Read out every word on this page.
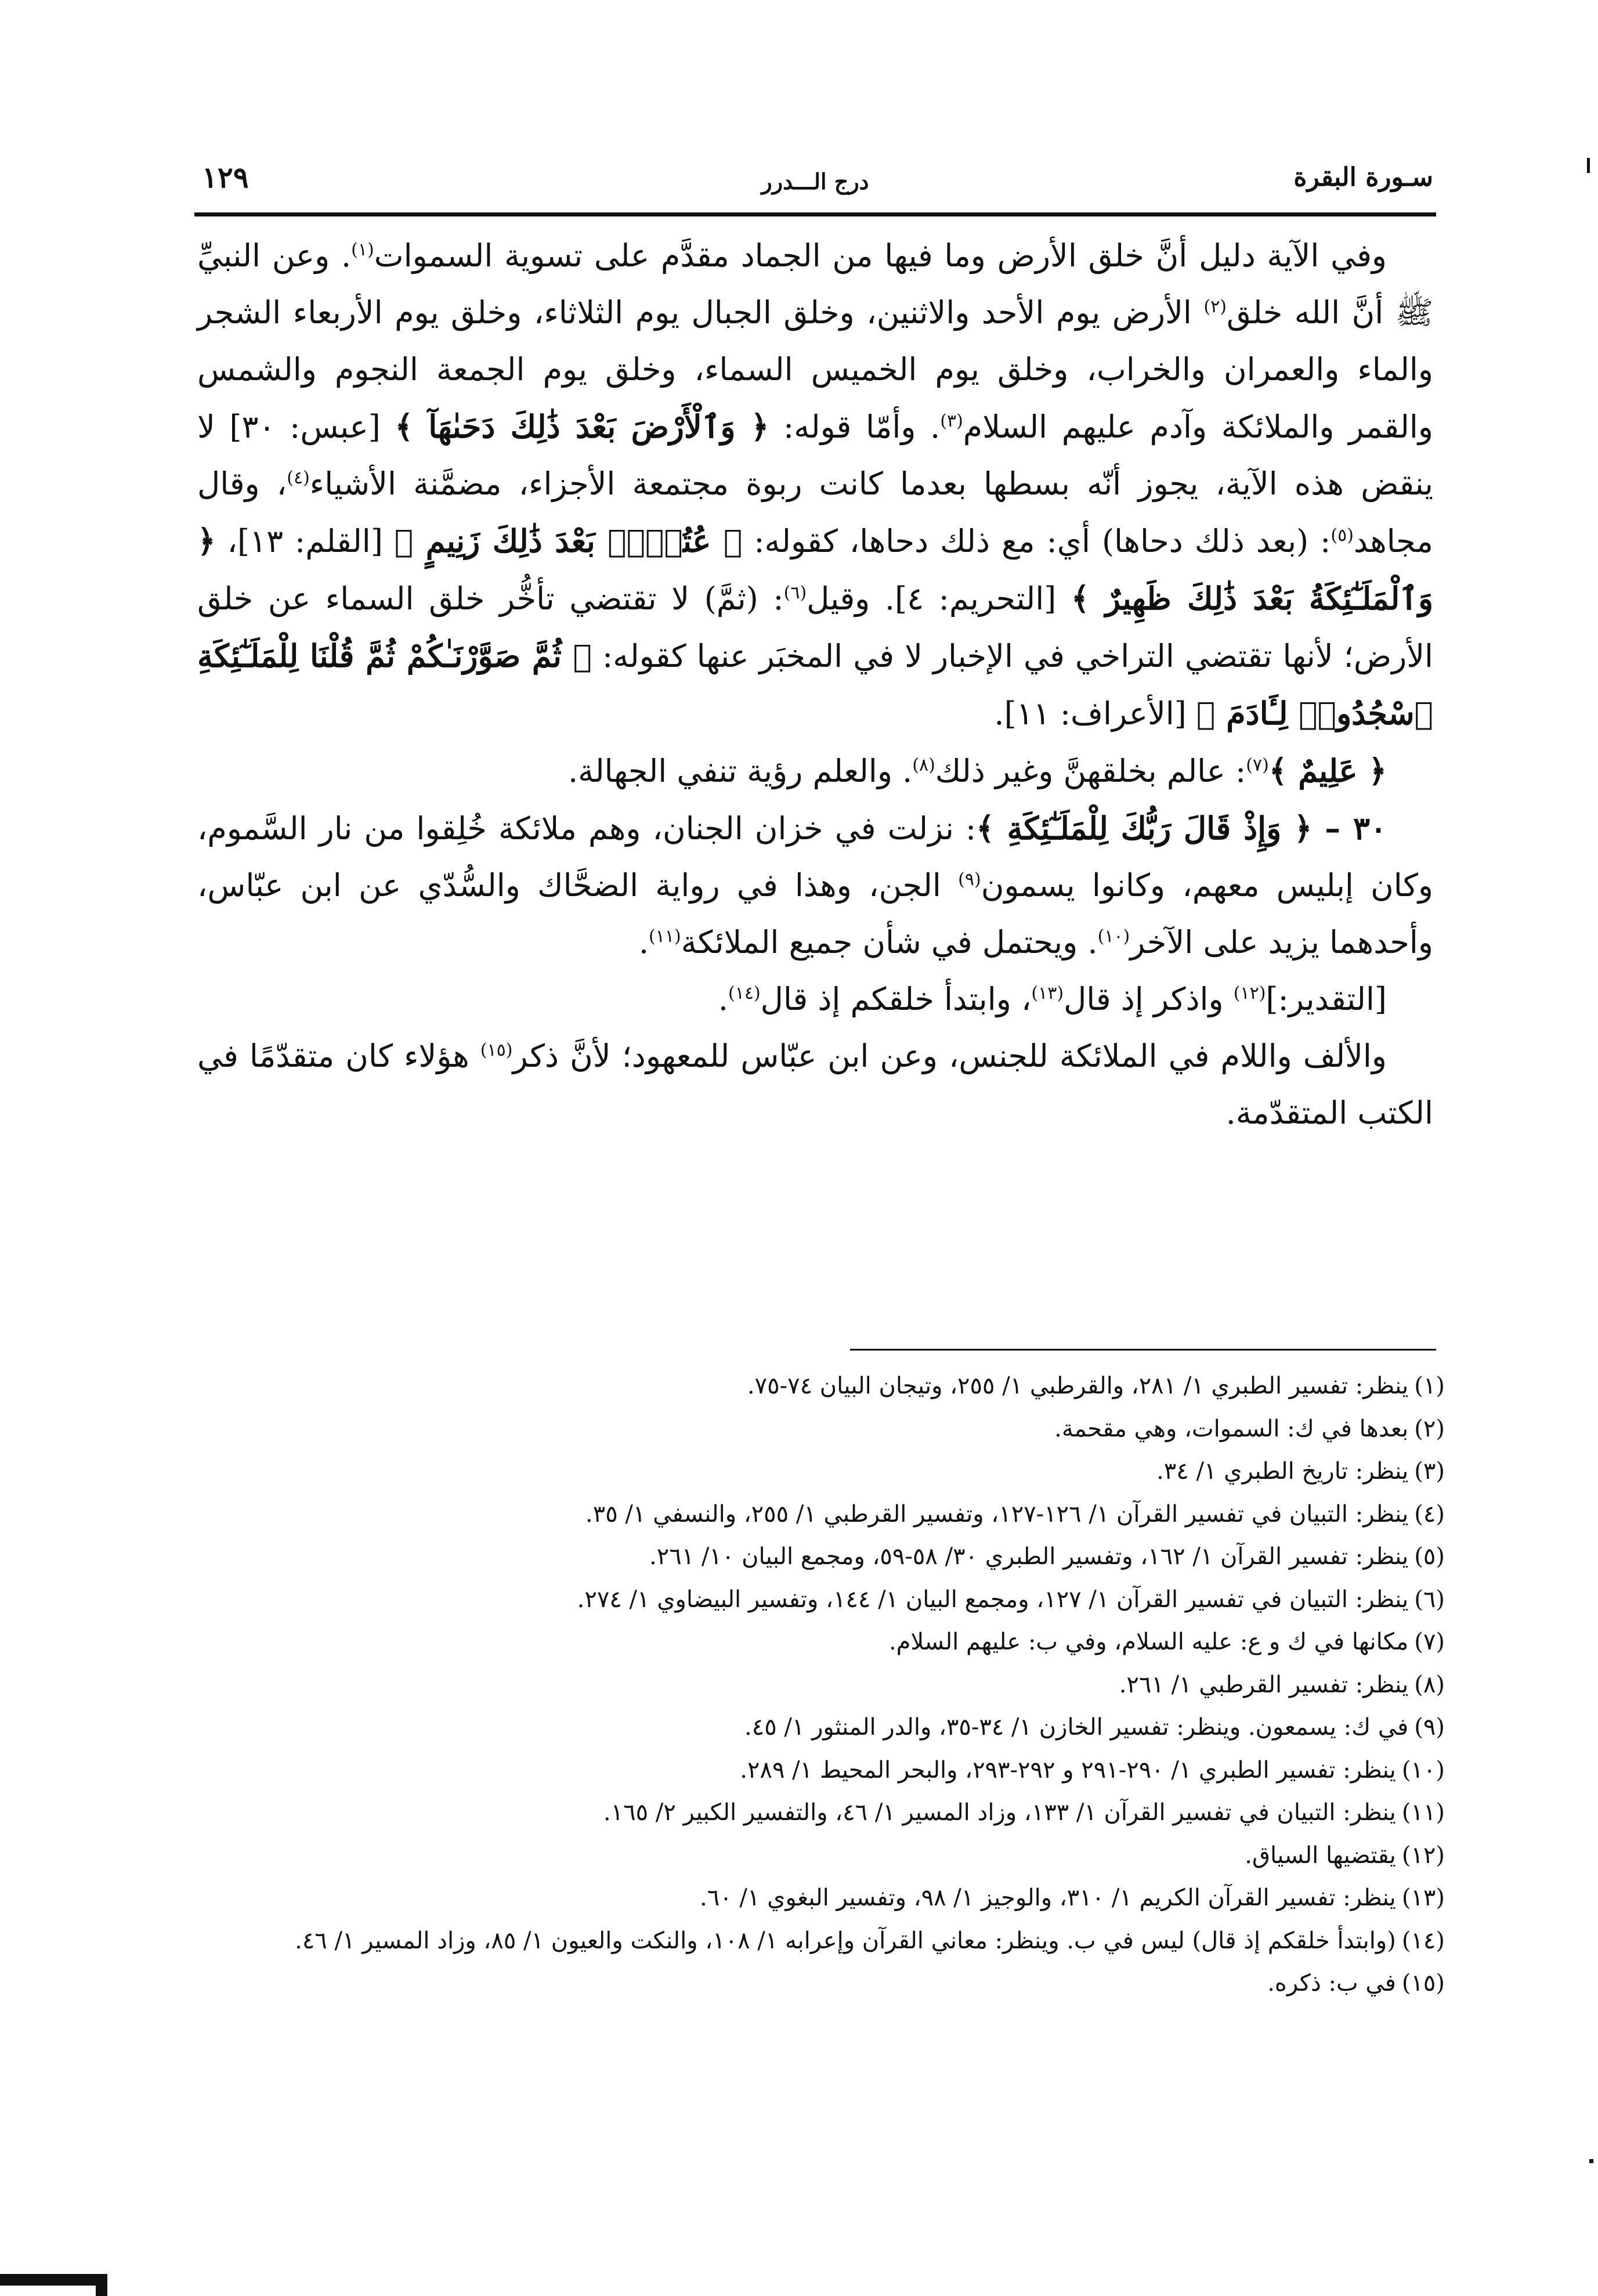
سـورة البقرة
درج الـــدرر
١٢٩

وفي الآية دليل أنَّ خلق الأرض وما فيها من الجماد مقدَّم على تسوية السموات$^{(١)}$. وعن النبيِّ ﷺ أنَّ الله خلق$^{(٢)}$ الأرض يوم الأحد والاثنين، وخلق الجبال يوم الثلاثاء، وخلق يوم الأربعاء الشجر والماء والعمران والخراب، وخلق يوم الخميس السماء، وخلق يوم الجمعة النجوم والشمس والقمر والملائكة وآدم عليهم السلام$^{(٣)}$. وأمّا قوله: ﴿ وَٱلْأَرْضَ بَعْدَ ذَٰلِكَ دَحَىٰهَآ ﴾ [عبس: ٣٠] لا ينقض هذه الآية، يجوز أنّه بسطها بعدما كانت ربوة مجتمعة الأجزاء، مضمَّنة الأشياء$^{(٤)}$، وقال مجاهد$^{(٥)}$: (بعد ذلك دحاها) أي: مع ذلك دحاها، كقوله: ﴿ عُتُلٍّۭ بَعْدَ ذَٰلِكَ زَنِيمٍ ﴾ [القلم: ١٣]، ﴿ وَٱلْمَلَـٰٓئِكَةُ بَعْدَ ذَٰلِكَ ظَهِيرٌ ﴾ [التحريم: ٤]. وقيل$^{(٦)}$: (ثمَّ) لا تقتضي تأخُّر خلق السماء عن خلق الأرض؛ لأنها تقتضي التراخي في الإخبار لا في المخبَر عنها كقوله: ﴿ ثُمَّ صَوَّرْنَـٰكُمْ ثُمَّ قُلْنَا لِلْمَلَـٰٓئِكَةِ ٱسْجُدُوا۟ لِـَٔادَمَ ﴾ [الأعراف: ١١].

﴿ عَلِيمٌ ﴾$^{(٧)}$: عالم بخلقهنَّ وغير ذلك$^{(٨)}$. والعلم رؤية تنفي الجهالة.

٣٠ – ﴿ وَإِذْ قَالَ رَبُّكَ لِلْمَلَـٰٓئِكَةِ ﴾: نزلت في خزان الجنان، وهم ملائكة خُلِقوا من نار السَّموم، وكان إبليس معهم، وكانوا يسمون$^{(٩)}$ الجن، وهذا في رواية الضحَّاك والسُّدّي عن ابن عبّاس، وأحدهما يزيد على الآخر$^{(١٠)}$. ويحتمل في شأن جميع الملائكة$^{(١١)}$.

[التقدير:]$^{(١٢)}$ واذكر إذ قال$^{(١٣)}$، وابتدأ خلقكم إذ قال$^{(١٤)}$.

والألف واللام في الملائكة للجنس، وعن ابن عبّاس للمعهود؛ لأنَّ ذكر$^{(١٥)}$ هؤلاء كان متقدّمًا في الكتب المتقدّمة.

(١)ينظر: تفسير الطبري ١/ ٢٨١، والقرطبي ١/ ٢٥٥، وتيجان البيان ٧٤-٧٥.

(٢)بعدها في ك: السموات، وهي مقحمة.

(٣)ينظر: تاريخ الطبري ١/ ٣٤.

(٤)ينظر: التبيان في تفسير القرآن ١/ ١٢٦-١٢٧، وتفسير القرطبي ١/ ٢٥٥، والنسفي ١/ ٣٥.

(٥)ينظر: تفسير القرآن ١/ ١٦٢، وتفسير الطبري ٣٠/ ٥٨-٥٩، ومجمع البيان ١٠/ ٢٦١.

(٦)ينظر: التبيان في تفسير القرآن ١/ ١٢٧، ومجمع البيان ١/ ١٤٤، وتفسير البيضاوي ١/ ٢٧٤.

(٧)مكانها في ك و ع: عليه السلام، وفي ب: عليهم السلام.

(٨)ينظر: تفسير القرطبي ١/ ٢٦١.

(٩)في ك: يسمعون. وينظر: تفسير الخازن ١/ ٣٤-٣٥، والدر المنثور ١/ ٤٥.

(١٠)ينظر: تفسير الطبري ١/ ٢٩٠-٢٩١ و ٢٩٢-٢٩٣، والبحر المحيط ١/ ٢٨٩.

(١١)ينظر: التبيان في تفسير القرآن ١/ ١٣٣، وزاد المسير ١/ ٤٦، والتفسير الكبير ٢/ ١٦٥.

(١٢)يقتضيها السياق.

(١٣)ينظر: تفسير القرآن الكريم ١/ ٣١٠، والوجيز ١/ ٩٨، وتفسير البغوي ١/ ٦٠.

(١٤)(وابتدأ خلقكم إذ قال) ليس في ب. وينظر: معاني القرآن وإعرابه ١/ ١٠٨، والنكت والعيون ١/ ٨٥، وزاد المسير ١/ ٤٦.

(١٥)في ب: ذكره.
